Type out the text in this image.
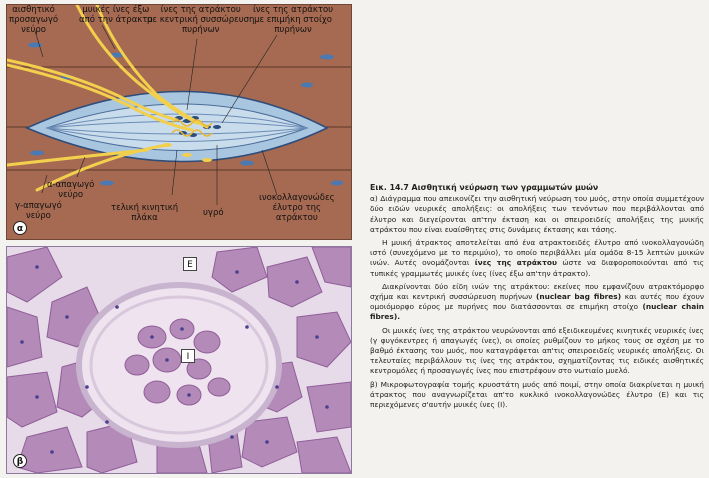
αισθητικό
προσαγωγό
νεύρο
μυικές ίνες έξω
από την άτρακτο
ίνες της ατράκτου
με κεντρική συσσώρευση
πυρήνων
ίνες της ατράκτου
με επιμήκη στοίχο
πυρήνων
α-απαγωγό
νεύρο
γ-απαγωγό
νεύρο
τελική κινητική
πλάκα	υγρό
ινοκολλαγονώδες
έλυτρο της
ατράκτου
α
Ε
Ι
β
Εικ. 14.7 Αισθητική νεύρωση των γραμμωτών μυών

α) Διάγραμμα που απεικονίζει την αισθητική νεύρωση του μυός, στην οποία συμμετέχουν δύο ειδών νευρικές απολήξεις: οι απολήξεις των τενόντων που περιβάλλονται από έλυτρο και διεγείρονται απ'την έκταση και οι σπειροειδείς απολήξεις της μυικής ατράκτου που είναι ευαίσθητες στις δυνάμεις έκτασης και τάσης.

Η μυική άτρακτος αποτελείται από ένα ατρακτοειδές έλυτρο από ινοκολλαγονώδη ιστό (συνεχόμενο με το περιμύιο), το οποίο περιβάλλει μία ομάδα 8-15 λεπτών μυικών ινών. Αυτές ονομάζονται ίνες της ατράκτου ώστε να διαφοροποιούνται από τις τυπικές γραμμωτές μυικές ίνες (ίνες έξω απ'την άτρακτο).

Διακρίνονται δύο είδη ινών της ατράκτου: εκείνες που εμφανίζουν ατρακτόμορφο σχήμα και κεντρική συσσώρευση πυρήνων (nuclear bag fibres) και αυτές που έχουν ομοιόμορφο εύρος με πυρήνες που διατάσσονται σε επιμήκη στοίχο (nuclear chain fibres).

Οι μυικές ίνες της ατράκτου νευρώνονται από εξειδικευμένες κινητικές νευρικές ίνες (γ φυγόκεντρες ή απαγωγές ίνες), οι οποίες ρυθμίζουν το μήκος τους σε σχέση με το βαθμό έκτασης του μυός, που καταγράφεται απ'τις σπειροειδείς νευρικές απολήξεις. Οι τελευταίες περιβάλλουν τις ίνες της ατράκτου, σχηματίζοντας τις ειδικές αισθητικές κεντρομόλες ή προσαγωγές ίνες που επιστρέφουν στο νωτιαίο μυελό.

β) Μικροφωτογραφία τομής κρυοστάτη μυός από ποιμί, στην οποία διακρίνεται η μυική άτρακτος που αναγνωρίζεται απ'το κυκλικό ινοκολλαγονώδες έλυτρο (Ε) και τις περιεχόμενες σ'αυτήν μυικές ίνες (Ι).
